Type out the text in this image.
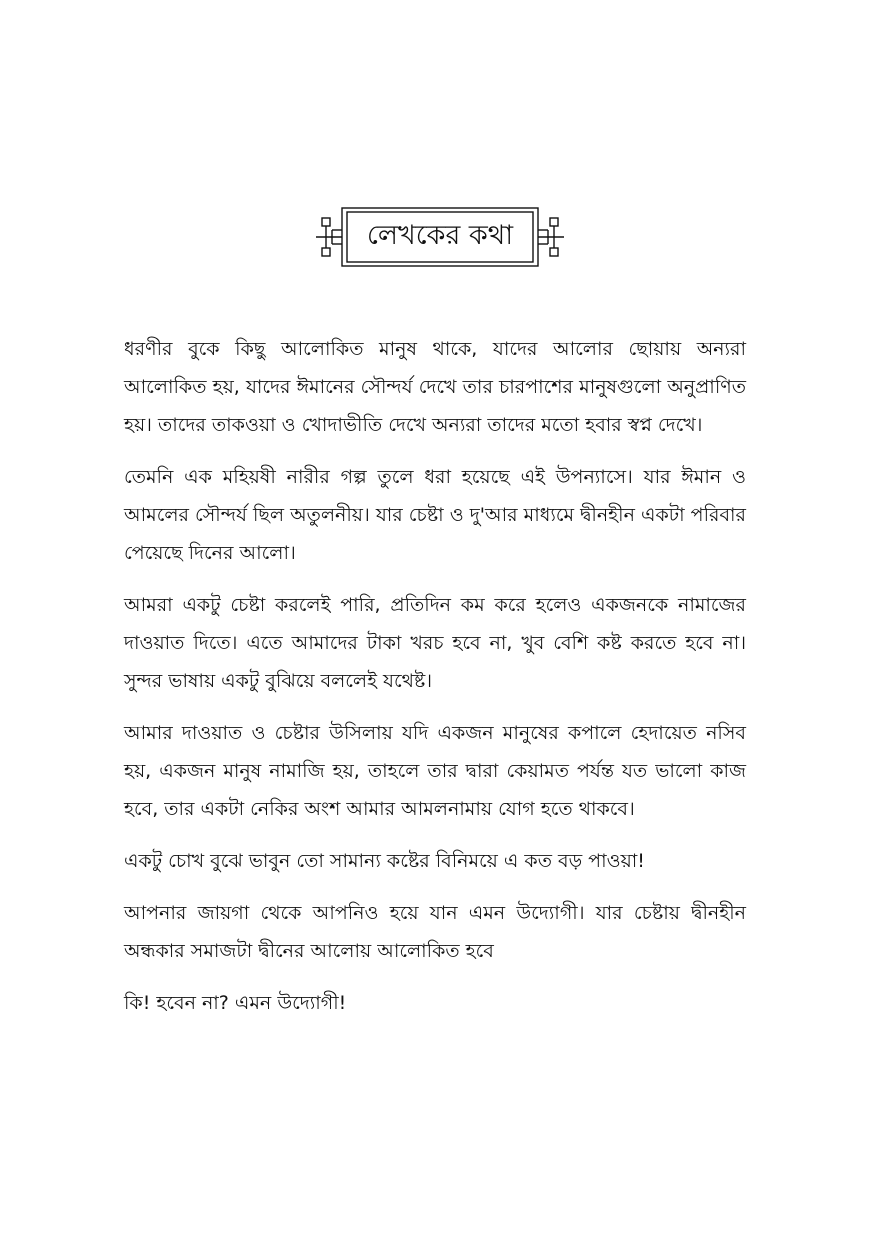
লেখকের কথা

ধরণীর বুকে কিছু আলোকিত মানুষ থাকে, যাদের আলোর ছোয়ায় অন্যরা আলোকিত হয়, যাদের ঈমানের সৌন্দর্য দেখে তার চারপাশের মানুষগুলো অনুপ্রাণিত হয়। তাদের তাকওয়া ও খোদাভীতি দেখে অন্যরা তাদের মতো হবার স্বপ্ন দেখে।

তেমনি এক মহিয়ষী নারীর গল্প তুলে ধরা হয়েছে এই উপন্যাসে। যার ঈমান ও আমলের সৌন্দর্য ছিল অতুলনীয়। যার চেষ্টা ও দু'আর মাধ্যমে দ্বীনহীন একটা পরিবার পেয়েছে দিনের আলো।

আমরা একটু চেষ্টা করলেই পারি, প্রতিদিন কম করে হলেও একজনকে নামাজের দাওয়াত দিতে। এতে আমাদের টাকা খরচ হবে না, খুব বেশি কষ্ট করতে হবে না। সুন্দর ভাষায় একটু বুঝিয়ে বললেই যথেষ্ট।

আমার দাওয়াত ও চেষ্টার উসিলায় যদি একজন মানুষের কপালে হেদায়েত নসিব হয়, একজন মানুষ নামাজি হয়, তাহলে তার দ্বারা কেয়ামত পর্যন্ত যত ভালো কাজ হবে, তার একটা নেকির অংশ আমার আমলনামায় যোগ হতে থাকবে।

একটু চোখ বুঝে ভাবুন তো সামান্য কষ্টের বিনিময়ে এ কত বড় পাওয়া!

আপনার জায়গা থেকে আপনিও হয়ে যান এমন উদ্যোগী। যার চেষ্টায় দ্বীনহীন অন্ধকার সমাজটা দ্বীনের আলোয় আলোকিত হবে

কি! হবেন না? এমন উদ্যোগী!
